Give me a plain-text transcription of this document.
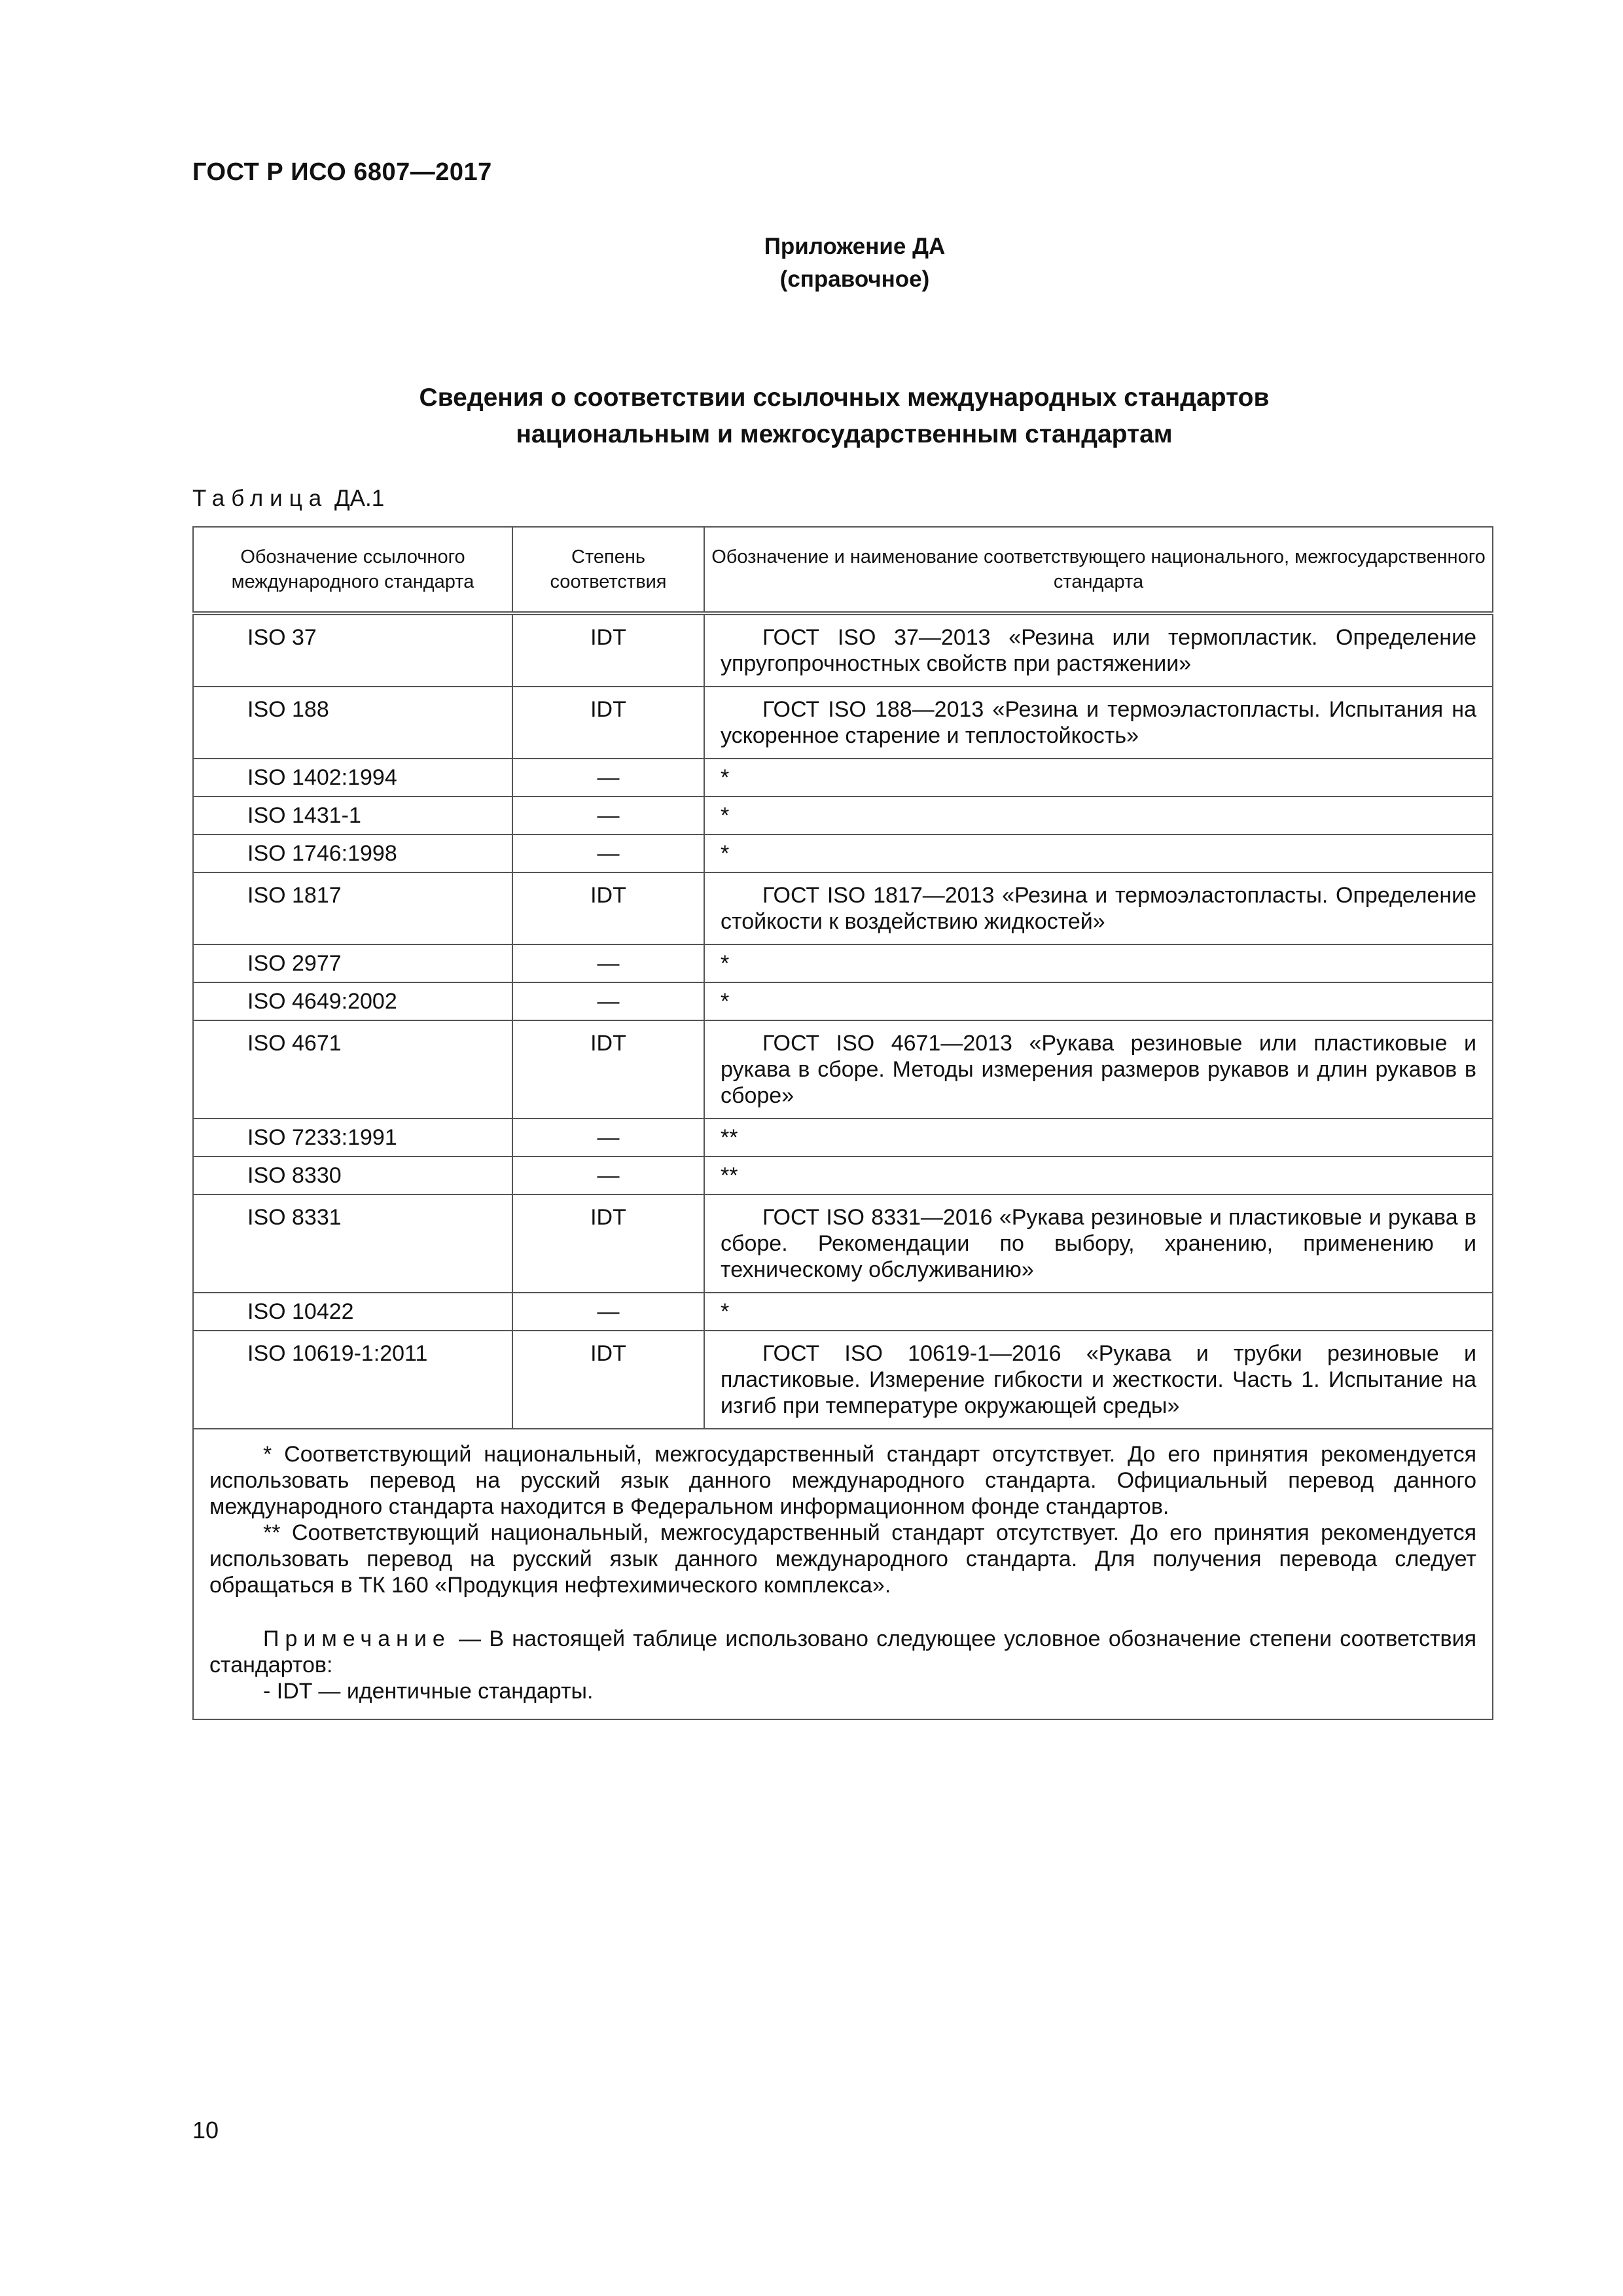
ГОСТ Р ИСО 6807—2017
Приложение ДА
(справочное)
Сведения о соответствии ссылочных международных стандартов
национальным и межгосударственным стандартам
Таблица ДА.1
Обозначение ссылочного международного стандарта	Степень соответствия	Обозначение и наименование соответствующего национального, межгосударственного стандарта
ISO 37	IDT	ГОСТ ISO 37—2013 «Резина или термопластик. Определение упругопрочностных свойств при растяжении»
ISO 188	IDT	ГОСТ ISO 188—2013 «Резина и термоэластопласты. Испытания на ускоренное старение и теплостойкость»
ISO 1402:1994	—	*
ISO 1431-1	—	*
ISO 1746:1998	—	*
ISO 1817	IDT	ГОСТ ISO 1817—2013 «Резина и термоэластопласты. Определение стойкости к воздействию жидкостей»
ISO 2977	—	*
ISO 4649:2002	—	*
ISO 4671	IDT	ГОСТ ISO 4671—2013 «Рукава резиновые или пластиковые и рукава в сборе. Методы измерения размеров рукавов и длин рукавов в сборе»
ISO 7233:1991	—	**
ISO 8330	—	**
ISO 8331	IDT	ГОСТ ISO 8331—2016 «Рукава резиновые и пластиковые и рукава в сборе. Рекомендации по выбору, хранению, применению и техническому обслуживанию»
ISO 10422	—	*
ISO 10619-1:2011	IDT	ГОСТ ISO 10619-1—2016 «Рукава и трубки резиновые и пластиковые. Измерение гибкости и жесткости. Часть 1. Испытание на изгиб при температуре окружающей среды»

* Соответствующий национальный, межгосударственный стандарт отсутствует. До его принятия рекомендуется использовать перевод на русский язык данного международного стандарта. Официальный перевод данного международного стандарта находится в Федеральном информационном фонде стандартов.

** Соответствующий национальный, межгосударственный стандарт отсутствует. До его принятия рекомендуется использовать перевод на русский язык данного международного стандарта. Для получения перевода следует обращаться в ТК 160 «Продукция нефтехимического комплекса».

Примечание — В настоящей таблице использовано следующее условное обозначение степени соответствия стандартов:

- IDT — идентичные стандарты.		

10
